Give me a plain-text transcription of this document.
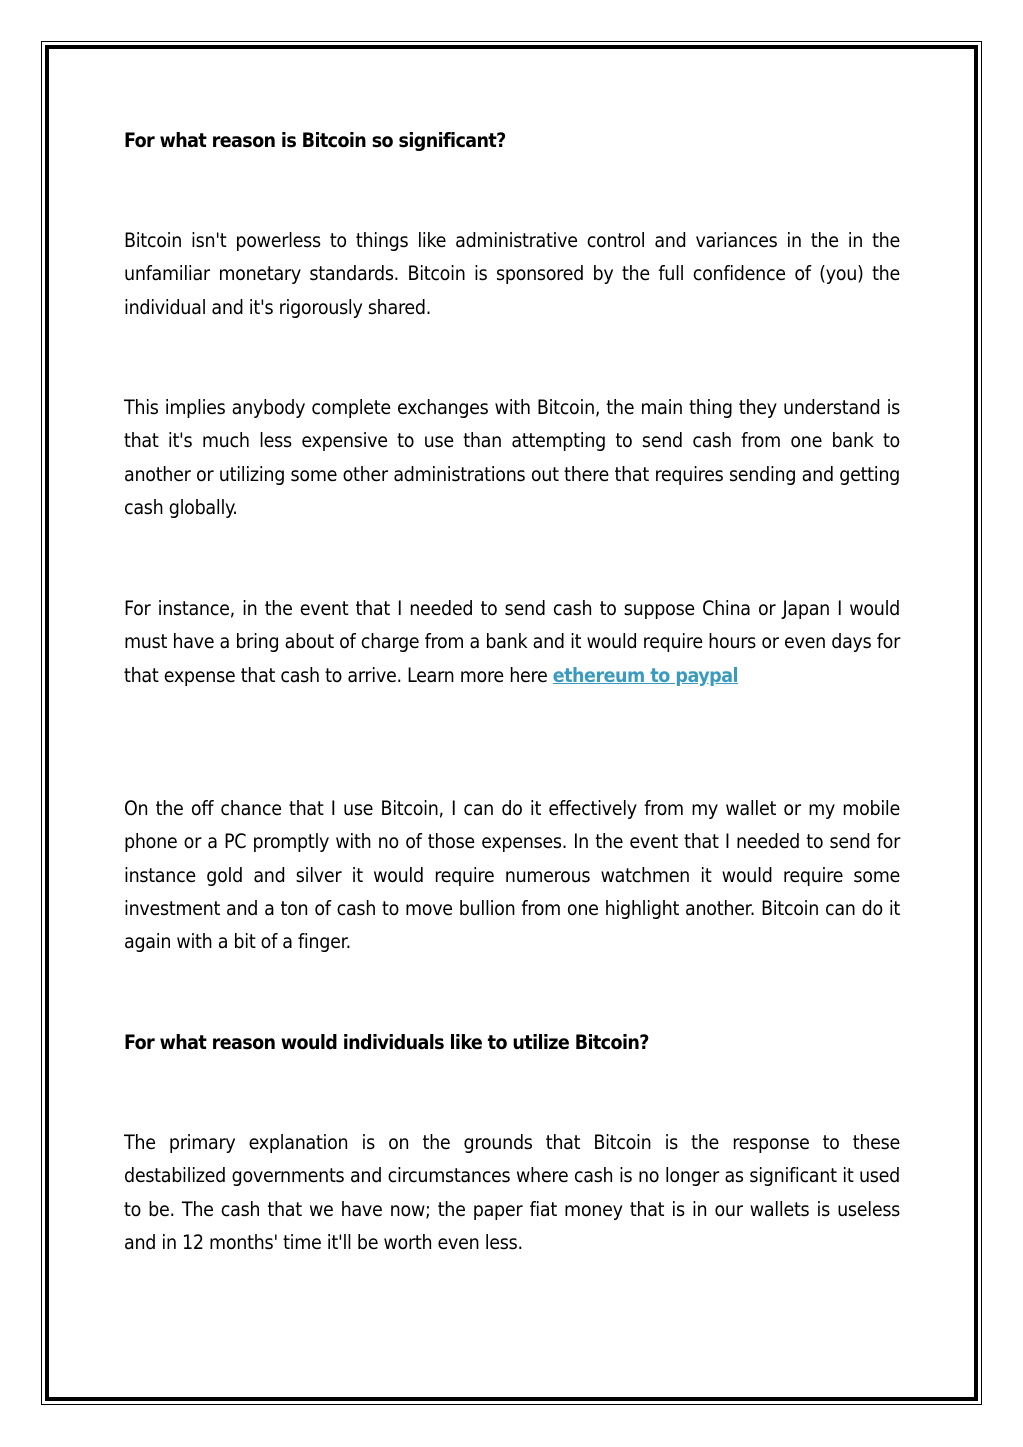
For what reason is Bitcoin so significant?

Bitcoin isn't powerless to things like administrative control and variances in the in the unfamiliar monetary standards. Bitcoin is sponsored by the full confidence of (you) the individual and it's rigorously shared.

This implies anybody complete exchanges with Bitcoin, the main thing they understand is that it's much less expensive to use than attempting to send cash from one bank to another or utilizing some other administrations out there that requires sending and getting cash globally.

For instance, in the event that I needed to send cash to suppose China or Japan I would must have a bring about of charge from a bank and it would require hours or even days for that expense that cash to arrive. Learn more here ethereum to paypal

On the off chance that I use Bitcoin, I can do it effectively from my wallet or my mobile phone or a PC promptly with no of those expenses. In the event that I needed to send for instance gold and silver it would require numerous watchmen it would require some investment and a ton of cash to move bullion from one highlight another. Bitcoin can do it again with a bit of a finger.

For what reason would individuals like to utilize Bitcoin?

The primary explanation is on the grounds that Bitcoin is the response to these destabilized governments and circumstances where cash is no longer as significant it used to be. The cash that we have now; the paper fiat money that is in our wallets is useless and in 12 months' time it'll be worth even less.
